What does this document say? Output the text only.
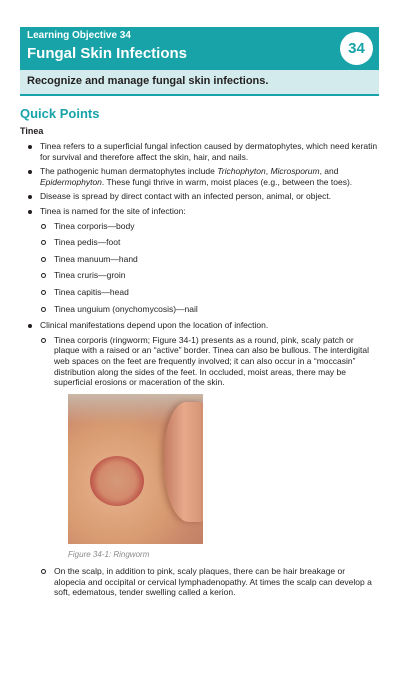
Learning Objective 34
Fungal Skin Infections	34
Recognize and manage fungal skin infections.
Quick Points
Tinea
Tinea refers to a superficial fungal infection caused by dermatophytes, which need keratin for survival and therefore affect the skin, hair, and nails.
The pathogenic human dermatophytes include Trichophyton, Microsporum, and Epidermophyton. These fungi thrive in warm, moist places (e.g., between the toes).
Disease is spread by direct contact with an infected person, animal, or object.
Tinea is named for the site of infection:
Tinea corporis—body
Tinea pedis—foot
Tinea manuum—hand
Tinea cruris—groin
Tinea capitis—head
Tinea unguium (onychomycosis)—nail
Clinical manifestations depend upon the location of infection.
Tinea corporis (ringworm; Figure 34-1) presents as a round, pink, scaly patch or plaque with a raised or an “active” border. Tinea can also be bullous. The interdigital web spaces on the feet are frequently involved; it can also occur in a “moccasin” distribution along the sides of the feet. In occluded, moist areas, there may be superficial erosions or maceration of the skin.
Figure 34-1: Ringworm
On the scalp, in addition to pink, scaly plaques, there can be hair breakage or alopecia and occipital or cervical lymphadenopathy. At times the scalp can develop a soft, edematous, tender swelling called a kerion.
